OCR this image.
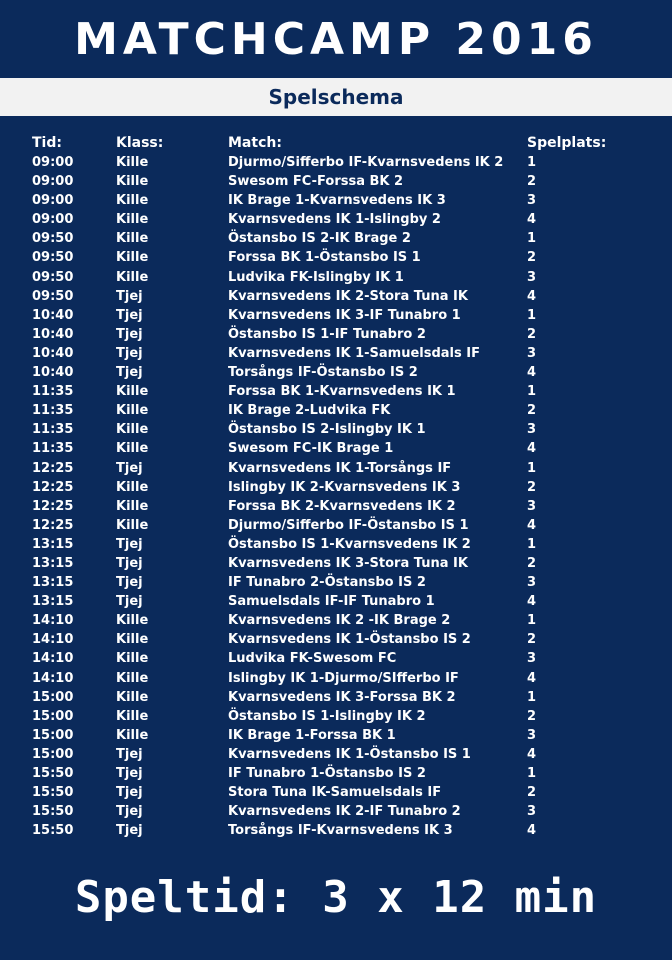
MATCHCAMP 2016
Spelschema
Tid:	Klass:	Match:	Spelplats:
09:00	Kille	Djurmo/Sifferbo IF-Kvarnsvedens IK 2	1
09:00	Kille	Swesom FC-Forssa BK 2	2
09:00	Kille	IK Brage 1-Kvarnsvedens IK 3	3
09:00	Kille	Kvarnsvedens IK 1-Islingby 2	4
09:50	Kille	Östansbo IS 2-IK Brage 2	1
09:50	Kille	Forssa BK 1-Östansbo IS 1	2
09:50	Kille	Ludvika FK-Islingby IK 1	3
09:50	Tjej	Kvarnsvedens IK 2-Stora Tuna IK	4
10:40	Tjej	Kvarnsvedens IK 3-IF Tunabro 1	1
10:40	Tjej	Östansbo IS 1-IF Tunabro 2	2
10:40	Tjej	Kvarnsvedens IK 1-Samuelsdals IF	3
10:40	Tjej	Torsångs IF-Östansbo IS 2	4
11:35	Kille	Forssa BK 1-Kvarnsvedens IK 1	1
11:35	Kille	IK Brage 2-Ludvika FK	2
11:35	Kille	Östansbo IS 2-Islingby IK 1	3
11:35	Kille	Swesom FC-IK Brage 1	4
12:25	Tjej	Kvarnsvedens IK 1-Torsångs IF	1
12:25	Kille	Islingby IK 2-Kvarnsvedens IK 3	2
12:25	Kille	Forssa BK 2-Kvarnsvedens IK 2	3
12:25	Kille	Djurmo/Sifferbo IF-Östansbo IS 1	4
13:15	Tjej	Östansbo IS 1-Kvarnsvedens IK 2	1
13:15	Tjej	Kvarnsvedens IK 3-Stora Tuna IK	2
13:15	Tjej	IF Tunabro 2-Östansbo IS 2	3
13:15	Tjej	Samuelsdals IF-IF Tunabro 1	4
14:10	Kille	Kvarnsvedens IK 2 -IK Brage 2	1
14:10	Kille	Kvarnsvedens IK 1-Östansbo IS 2	2
14:10	Kille	Ludvika FK-Swesom FC	3
14:10	Kille	Islingby IK 1-Djurmo/SIfferbo IF	4
15:00	Kille	Kvarnsvedens IK 3-Forssa BK 2	1
15:00	Kille	Östansbo IS 1-Islingby IK 2	2
15:00	Kille	IK Brage 1-Forssa BK 1	3
15:00	Tjej	Kvarnsvedens IK 1-Östansbo IS 1	4
15:50	Tjej	IF Tunabro 1-Östansbo IS 2	1
15:50	Tjej	Stora Tuna IK-Samuelsdals IF	2
15:50	Tjej	Kvarnsvedens IK 2-IF Tunabro 2	3
15:50	Tjej	Torsångs IF-Kvarnsvedens IK 3	4
Speltid: 3 x 12 min
